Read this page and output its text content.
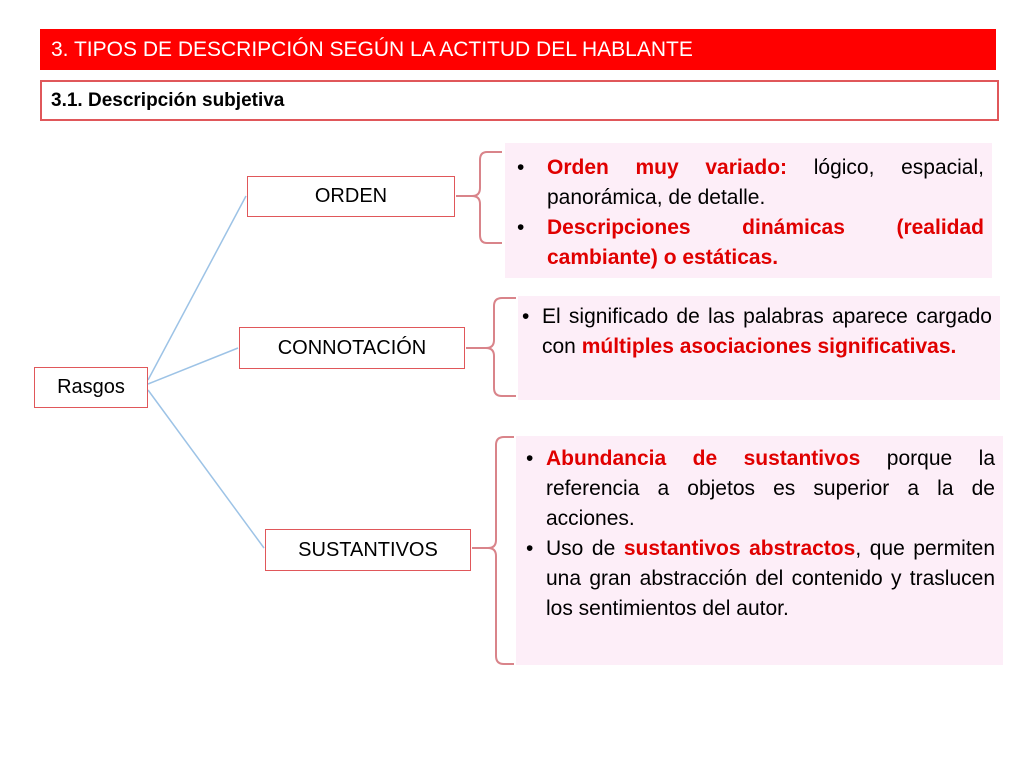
3. TIPOS DE DESCRIPCIÓN SEGÚN LA ACTITUD DEL HABLANTE
3.1. Descripción subjetiva
Rasgos
ORDEN
CONNOTACIÓN
SUSTANTIVOS
• Orden muy variado: lógico, espacial, panorámica, de detalle.
• Descripciones dinámicas (realidad cambiante) o estáticas.
• El significado de las palabras aparece cargado con múltiples asociaciones significativas.
• Abundancia de sustantivos porque la referencia a objetos es superior a la de acciones.
• Uso de sustantivos abstractos, que permiten una gran abstracción del contenido y traslucen los sentimientos del autor.
